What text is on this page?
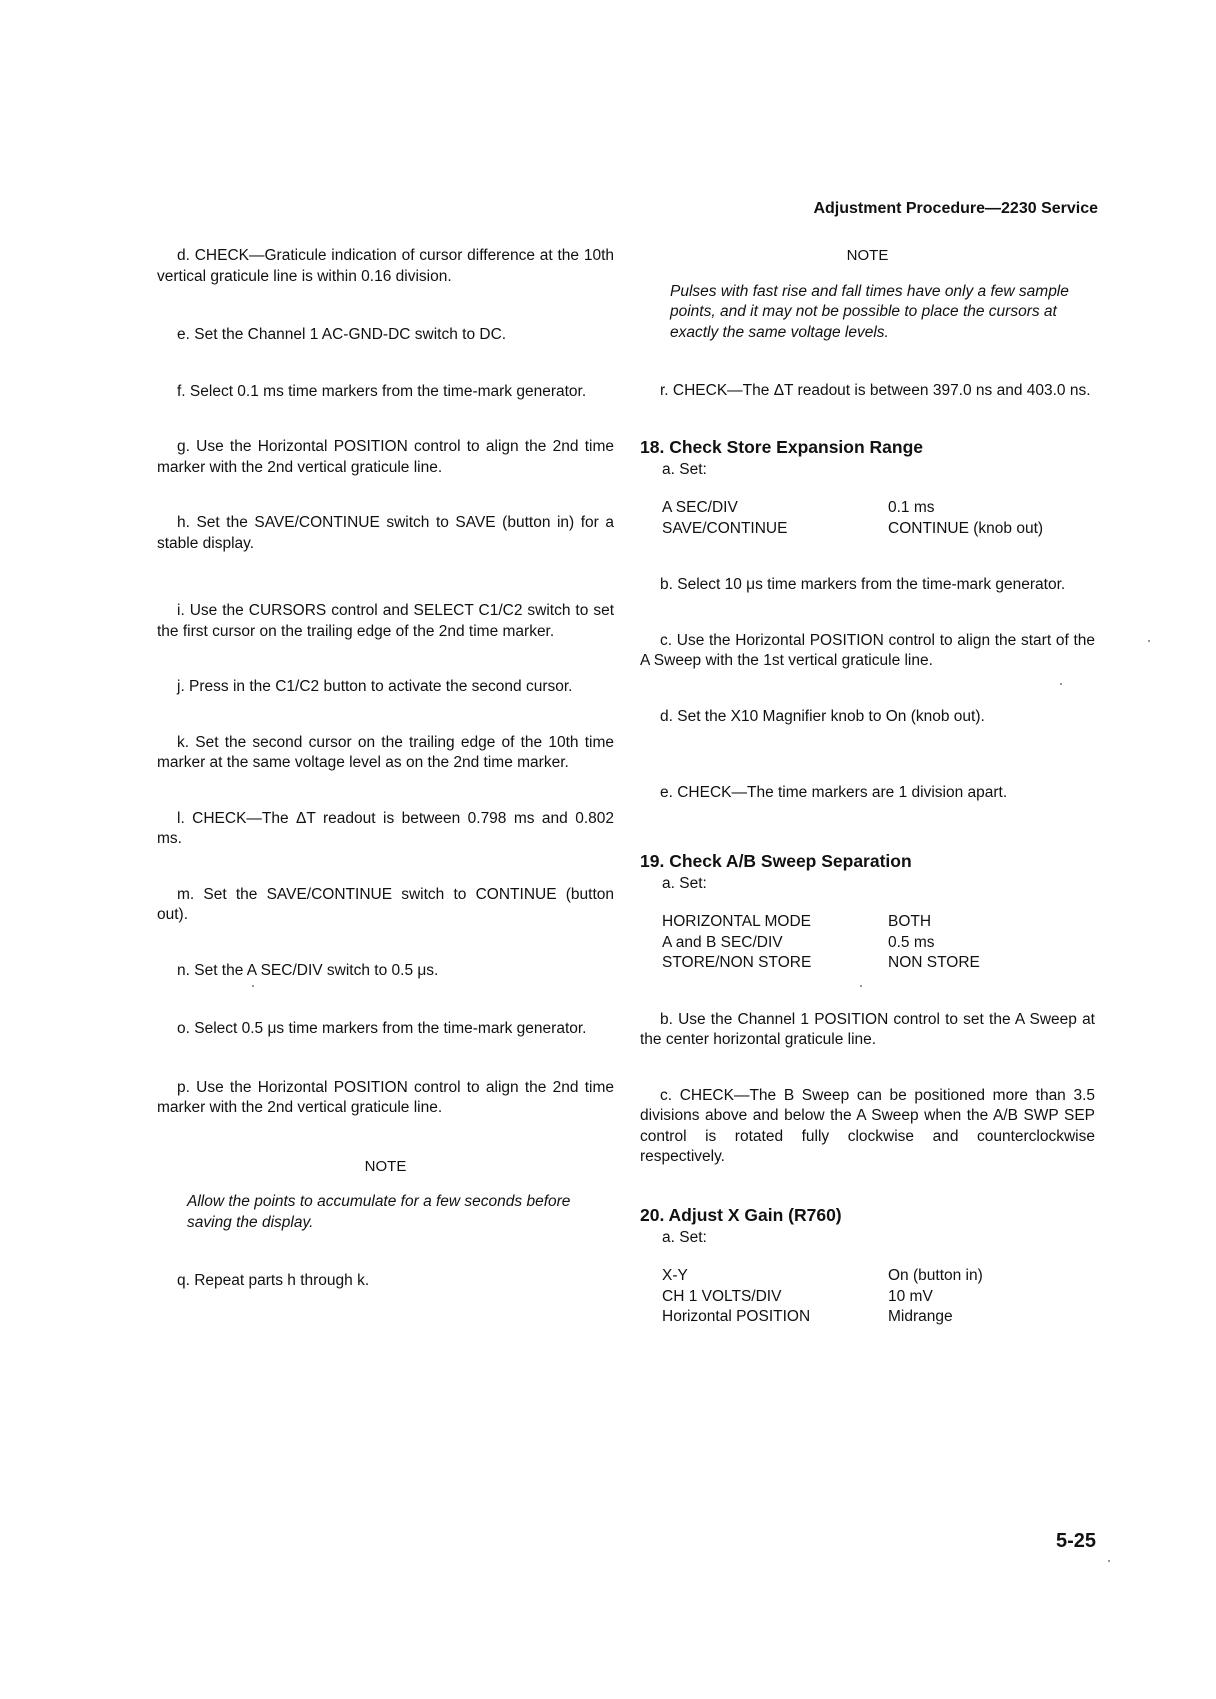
Adjustment Procedure—2230 Service

d. CHECK—Graticule indication of cursor difference at the 10th vertical graticule line is within 0.16 division.

e. Set the Channel 1 AC-GND-DC switch to DC.

f. Select 0.1 ms time markers from the time-mark generator.

g. Use the Horizontal POSITION control to align the 2nd time marker with the 2nd vertical graticule line.

h. Set the SAVE/CONTINUE switch to SAVE (button in) for a stable display.

i. Use the CURSORS control and SELECT C1/C2 switch to set the first cursor on the trailing edge of the 2nd time marker.

j. Press in the C1/C2 button to activate the second cursor.

k. Set the second cursor on the trailing edge of the 10th time marker at the same voltage level as on the 2nd time marker.

l. CHECK—The ΔT readout is between 0.798 ms and 0.802 ms.

m. Set the SAVE/CONTINUE switch to CONTINUE (button out).

n. Set the A SEC/DIV switch to 0.5 μs.

o. Select 0.5 μs time markers from the time-mark generator.

p. Use the Horizontal POSITION control to align the 2nd time marker with the 2nd vertical graticule line.

NOTE
Allow the points to accumulate for a few seconds before saving the display.

q. Repeat parts h through k.

NOTE
Pulses with fast rise and fall times have only a few sample points, and it may not be possible to place the cursors at exactly the same voltage levels.

r. CHECK—The ΔT readout is between 397.0 ns and 403.0 ns.

18. Check Store Expansion Range

a. Set:

A SEC/DIV	0.1 ms
SAVE/CONTINUE	CONTINUE (knob out)

b. Select 10 μs time markers from the time-mark generator.

c. Use the Horizontal POSITION control to align the start of the A Sweep with the 1st vertical graticule line.

d. Set the X10 Magnifier knob to On (knob out).

e. CHECK—The time markers are 1 division apart.

19. Check A/B Sweep Separation

a. Set:

HORIZONTAL MODE	BOTH
A and B SEC/DIV	0.5 ms
STORE/NON STORE	NON STORE

b. Use the Channel 1 POSITION control to set the A Sweep at the center horizontal graticule line.

c. CHECK—The B Sweep can be positioned more than 3.5 divisions above and below the A Sweep when the A/B SWP SEP control is rotated fully clockwise and counterclockwise respectively.

20. Adjust X Gain (R760)

a. Set:

X-Y	On (button in)
CH 1 VOLTS/DIV	10 mV
Horizontal POSITION	Midrange
5-25
